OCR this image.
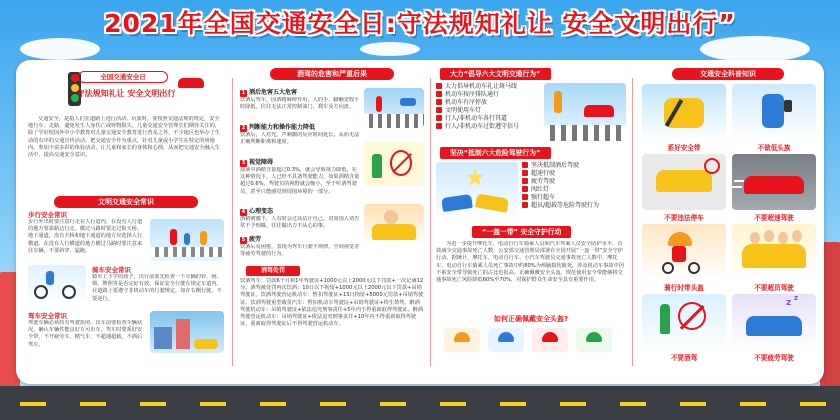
2021年全国交通安全日:守法规知礼让 安全文明出行”
全国交通安全日
守法规知礼让 安全文明出行
交通安全，是指人们在道路上进行活动、玩耍时，要按照交通法规的规定，安全地行车、走路，避免发生人身伤亡或财物损失。儿童交通安全管理长们期待关注的，除了学好校园外中小学教育对儿童交通安全教育进行普及之外，不少地区也举办了生动的有序的交通宣传活动。把交通安全作为重点，针对儿童或小学生在特定的场地内，参加丰富多彩的体验活动，让儿童和家长的身体和心理，从而把交通安全融入生活中，提高交通安全意识。
文明交通安全常识
步行安全常识
步行外出时要注意行走在人行道内，在没有人行道的地方要靠路边行走。横过马路时要走过街天桥、地下通道，没有天桥和地下通道的地方应选择人行横道。在没有人行横道的地方横过马路时要注意来往车辆，不要斜穿、猛跑。
骑车安全常识
骑车上下学的孩子，出行前要先检查一下车辆的铃、闸、锁、牌照等是否完好有效，保证安全行驶在规定车道内。在道路上要遵守非机动车的行驶规定，如在右侧行驶，不要逆行。
驾车安全常识
驾驶车辆必须持有驾驶执照，出车前要检查车辆状况，确认车辆性能良好方可出车。驾车时要系好安全带，不开疲劳车、赌气车，不超速超载，不酒后驾车。
酒驾的危害和严重后果
1 酒后危害五大危害
饮酒后驾车，因酒精麻痹作用，人的手、脚触觉较平时降低，往往无法正常控制油门、刹车及方向盘。
2 判断能力和操作能力降低
饮酒后，人对光、声刺激的反应时间延长，从而无法正确判断距离和速度。
3 视觉障碍
血液中酒精含量超过0.3%，就会导致视力降低，在这种情况下，人已经不具备驾驶能力。如果酒精含量超过0.6%，驾驶员的视野就会缩小，至于听酒驾驶员，甚至只能感觉到周围环境的一部分。
4 心理变态
酒精刺激下，人有时会过高估计自己，对周围人劝告常不予理睬，往往做出力不从心的事。
5 疲劳
饮酒后易困倦，表现为驾车行驶不规律，空间视觉差等疲劳驾驶的行为。
酒驾处罚
饮酒驾车：罚款6个月和1年驾驶证+1000元以上2000元以下罚款+一次记满12分。酒驾被处罚再次饮酒：10日以下拘留+1000元以上2000元以下罚款+吊销驾驶证。饮酒驾驶营运机动车：暂扣驾驶证+15日拘留+5000元罚款+吊销驾驶证。饮酒驾驶重型载货汽车：暂扣机动车驾驶证+吊销驾驶证+终生禁驾。醉酒驾驶机动车：吊销驾驶证+依法追究刑事责任+5年内不得重新取得驾驶证。醉酒驾驶营运机动车：吊销驾驶证+依法追究刑事责任+10年内不得重新取得驾驶证，重新取得驾驶证后不得驾驶营运机动车。
大力“倡导六大文明交通行为”
大力倡导机动车礼让斑马线
机动车按序排队通行
机动车有序停放
文明使用车灯
行人/非机动车各行其道
行人/非机动车过街遵守信号
坚决“抵制六大危险驾驶行为”
坚决抵制酒后驾驶
超速行驶
疲劳驾驶
闯红灯
强行超车
超员/超载等危险驾驶行为
“一盔一带” 安全守护行动
为进一步提升摩托车、电动自行车骑乘人员和汽车驾乘人员安全防护水平，有效减少交通事故死亡人数，公安部交通管理局部署在全国开展“一盔一带”安全守护行动。据统计，摩托车、电动自行车、小汽车驾驶员交通事故死亡人数中，摩托车、电动自行车骑乘人员死亡事故中约80%为颅脑损伤致死，涉及机动车事故中因不系安全带导致死亡的占比也很高。正确佩戴安全头盔、规范使用安全带能够将交通事故死亡风险降低60%至70%，对保护群众生命安全具有重要作用。
如何正确佩戴安全头盔?
交通安全科普知识
系好安全带	不做低头族
不要违法停车	不要超速驾驶
骑行时带头盔	不要超员驾驶
不要酒驾
z z
不要疲劳驾驶
